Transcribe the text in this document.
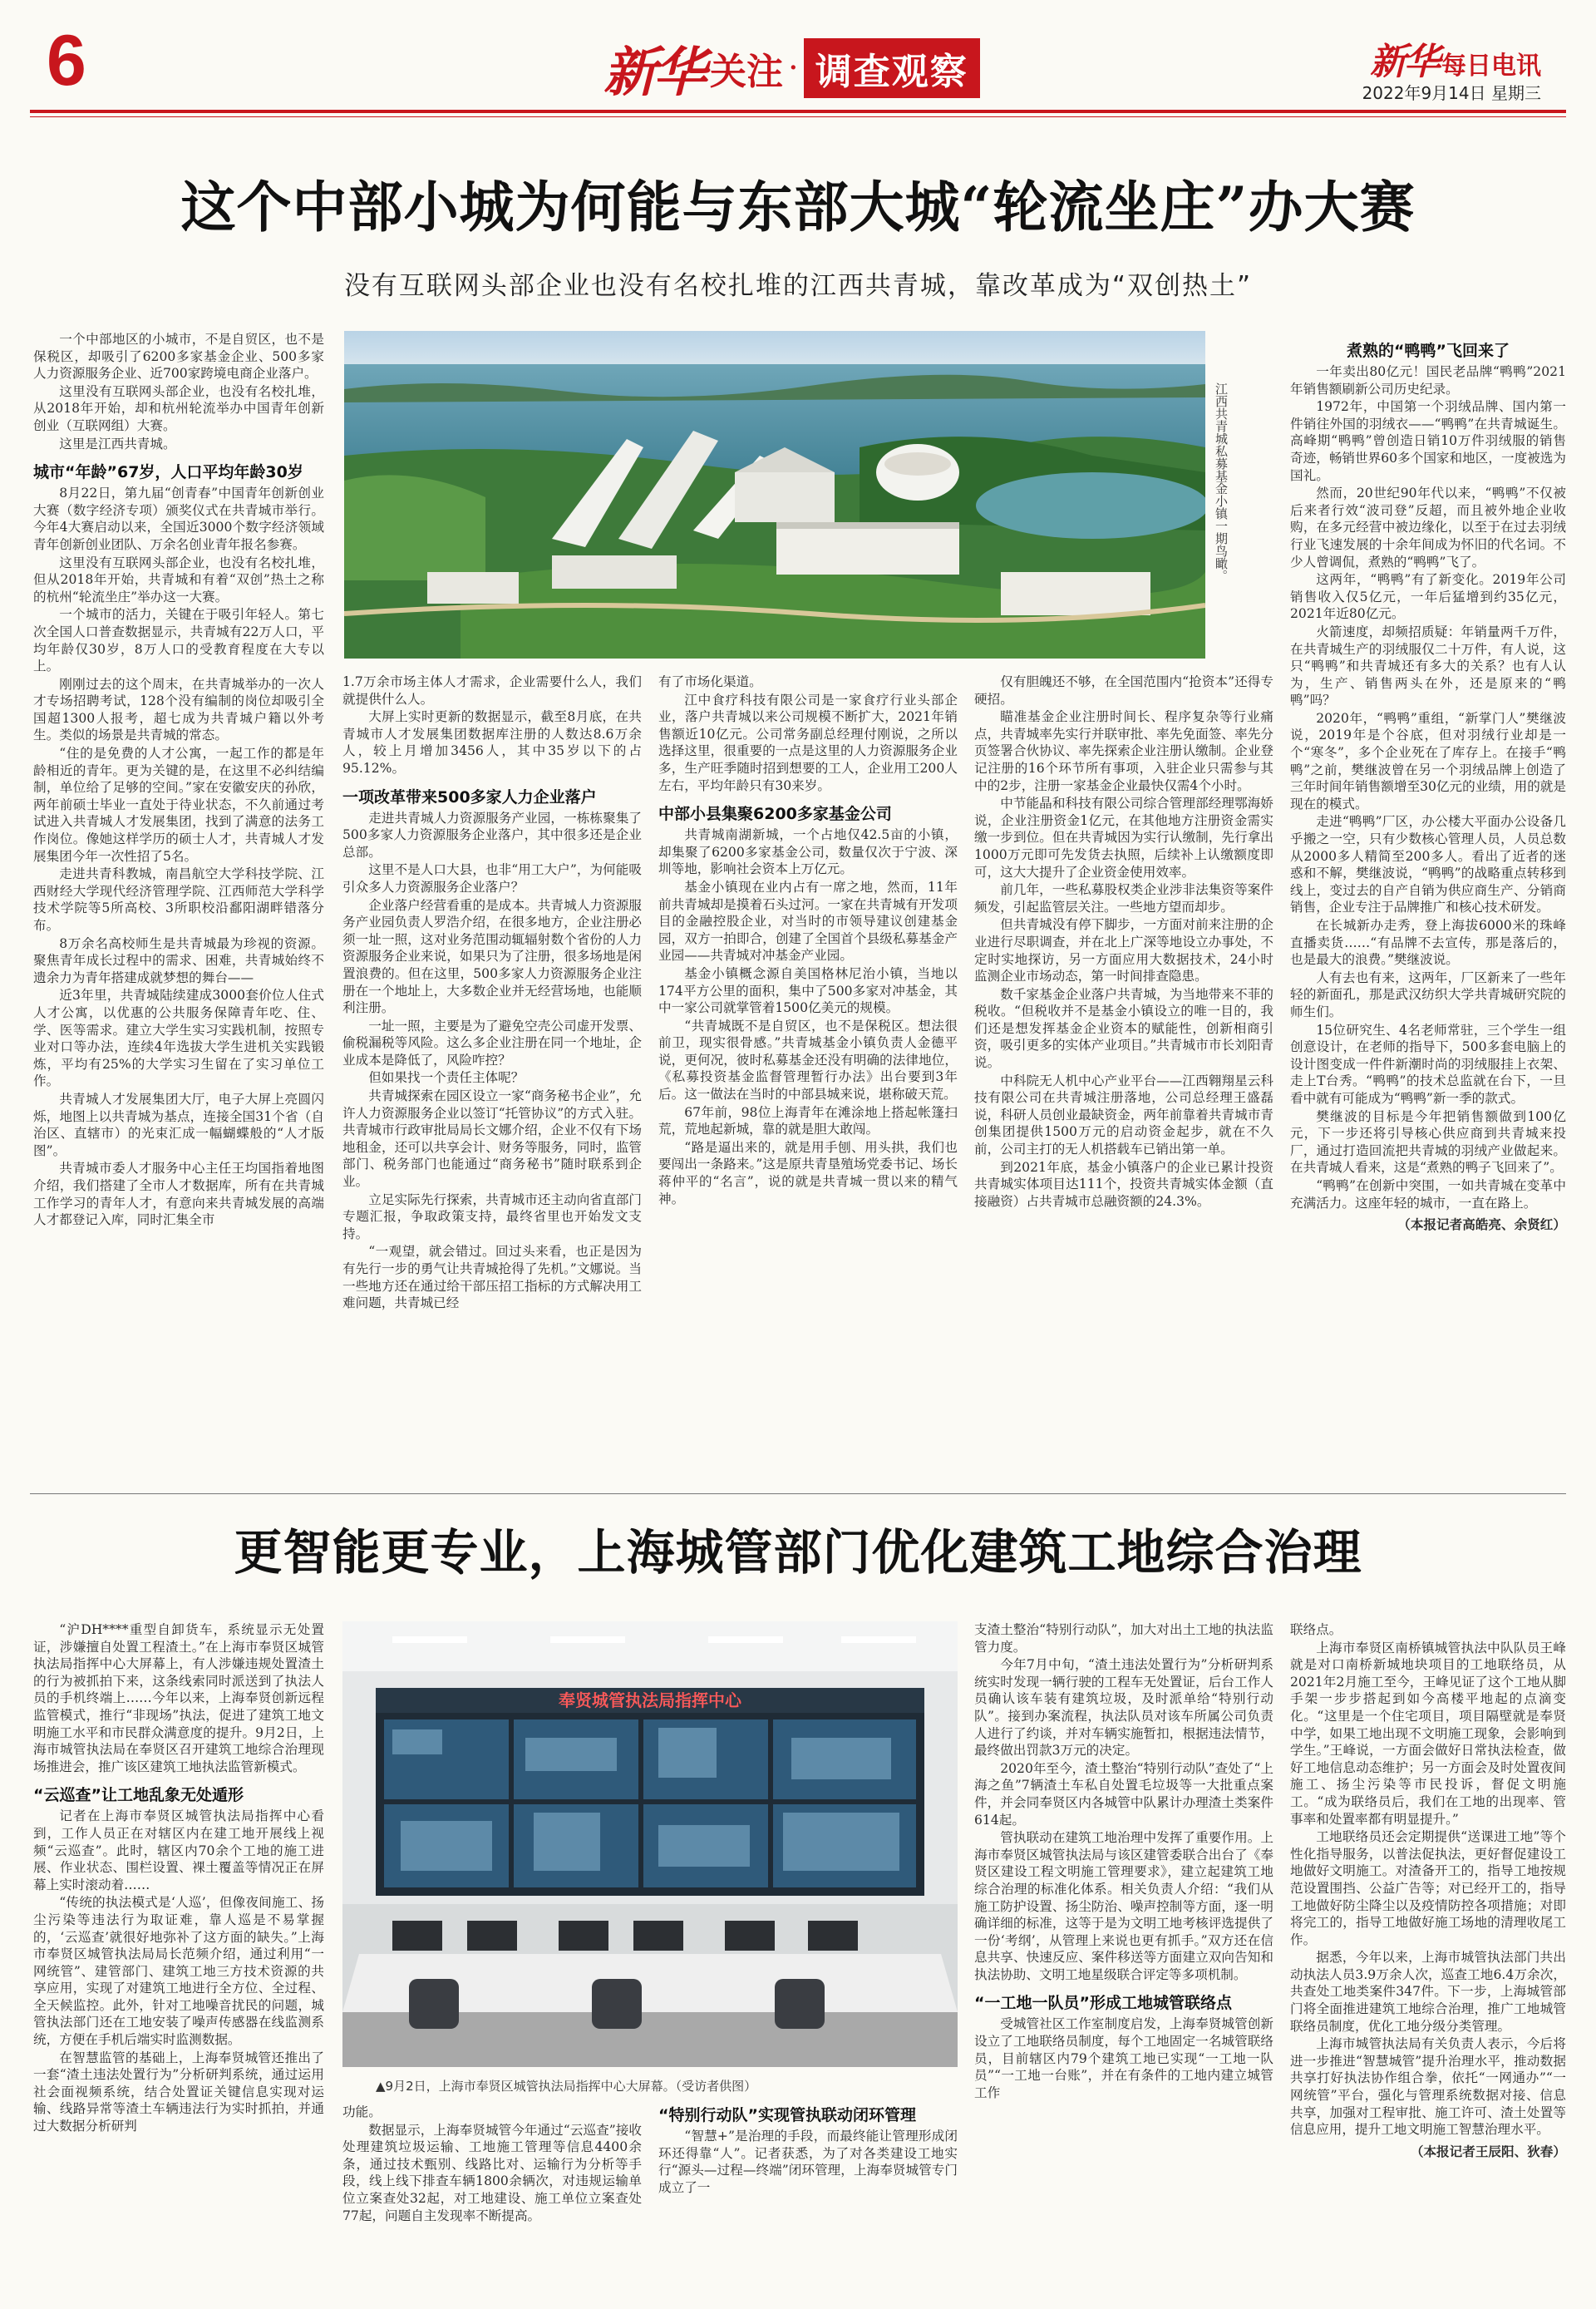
6	新华 关注 · 调查观察	新华 每日电讯
2022年9月14日 星期三
这个中部小城为何能与东部大城“轮流坐庄”办大赛
没有互联网头部企业也没有名校扎堆的江西共青城，靠改革成为“双创热土”
江西共青城私募基金小镇一期鸟瞰。

一个中部地区的小城市，不是自贸区，也不是保税区，却吸引了6200多家基金企业、500多家人力资源服务企业、近700家跨境电商企业落户。

这里没有互联网头部企业，也没有名校扎堆，从2018年开始，却和杭州轮流举办中国青年创新创业（互联网组）大赛。

这里是江西共青城。

城市“年龄”67岁，人口平均年龄30岁

8月22日，第九届“创青春”中国青年创新创业大赛（数字经济专项）颁奖仪式在共青城市举行。今年4大赛启动以来，全国近3000个数字经济领域青年创新创业团队、万余名创业青年报名参赛。

这里没有互联网头部企业，也没有名校扎堆，但从2018年开始，共青城和有着“双创”热土之称的杭州“轮流坐庄”举办这一大赛。

一个城市的活力，关键在于吸引年轻人。第七次全国人口普查数据显示，共青城有22万人口，平均年龄仅30岁，8万人口的受教育程度在大专以上。

刚刚过去的这个周末，在共青城举办的一次人才专场招聘考试，128个没有编制的岗位却吸引全国超1300人报考，超七成为共青城户籍以外考生。类似的场景是共青城的常态。

“住的是免费的人才公寓，一起工作的都是年龄相近的青年。更为关键的是，在这里不必纠结编制，单位给了足够的空间。”家在安徽安庆的孙欣，两年前硕士毕业一直处于待业状态，不久前通过考试进入共青城人才发展集团，找到了满意的法务工作岗位。像她这样学历的硕士人才，共青城人才发展集团今年一次性招了5名。

走进共青科教城，南昌航空大学科技学院、江西财经大学现代经济管理学院、江西师范大学科学技术学院等5所高校、3所职校沿鄱阳湖畔错落分布。

8万余名高校师生是共青城最为珍视的资源。聚焦青年成长过程中的需求、困难，共青城始终不遗余力为青年搭建成就梦想的舞台——

近3年里，共青城陆续建成3000套价位人住式人才公寓，以优惠的公共服务保障青年吃、住、学、医等需求。建立大学生实习实践机制，按照专业对口等办法，连续4年选拔大学生进机关实践锻炼，平均有25%的大学实习生留在了实习单位工作。

共青城人才发展集团大厅，电子大屏上亮圆闪烁，地图上以共青城为基点，连接全国31个省（自治区、直辖市）的光束汇成一幅蝴蝶般的“人才版图”。

共青城市委人才服务中心主任王均国指着地图介绍，我们搭建了全市人才数据库，所有在共青城工作学习的青年人才，有意向来共青城发展的高端人才都登记入库，同时汇集全市

1.7万余市场主体人才需求，企业需要什么人，我们就提供什么人。

大屏上实时更新的数据显示，截至8月底，在共青城市人才发展集团数据库注册的人数达8.6万余人，较上月增加3456人，其中35岁以下的占95.12%。

一项改革带来500多家人力企业落户

走进共青城人力资源服务产业园，一栋栋聚集了500多家人力资源服务企业落户，其中很多还是企业总部。

这里不是人口大县，也非“用工大户”，为何能吸引众多人力资源服务企业落户？

企业落户经营看重的是成本。共青城人力资源服务产业园负责人罗浩介绍，在很多地方，企业注册必须一址一照，这对业务范围动辄辐射数个省份的人力资源服务企业来说，如果只为了注册，很多场地是闲置浪费的。但在这里，500多家人力资源服务企业注册在一个地址上，大多数企业并无经营场地，也能顺利注册。

一址一照，主要是为了避免空壳公司虚开发票、偷税漏税等风险。这么多企业注册在同一个地址，企业成本是降低了，风险咋控？

但如果找一个责任主体呢？

共青城探索在园区设立一家“商务秘书企业”，允许人力资源服务企业以签订“托管协议”的方式入驻。共青城市行政审批局局长文娜介绍，企业不仅有下场地租金，还可以共享会计、财务等服务，同时，监管部门、税务部门也能通过“商务秘书”随时联系到企业。

立足实际先行探索，共青城市还主动向省直部门专题汇报，争取政策支持，最终省里也开始发文支持。

“一观望，就会错过。回过头来看，也正是因为有先行一步的勇气让共青城抢得了先机。”文娜说。当一些地方还在通过给干部压招工指标的方式解决用工难问题，共青城已经

有了市场化渠道。

江中食疗科技有限公司是一家食疗行业头部企业，落户共青城以来公司规模不断扩大，2021年销售额近10亿元。公司常务副总经理付刚说，之所以选择这里，很重要的一点是这里的人力资源服务企业多，生产旺季随时招到想要的工人，企业用工200人左右，平均年龄只有30来岁。

中部小县集聚6200多家基金公司

共青城南湖新城，一个占地仅42.5亩的小镇，却集聚了6200多家基金公司，数量仅次于宁波、深圳等地，影响社会资本上万亿元。

基金小镇现在业内占有一席之地，然而，11年前共青城却是摸着石头过河。一家在共青城有开发项目的金融控股企业，对当时的市领导建议创建基金园，双方一拍即合，创建了全国首个县级私募基金产业园——共青城对冲基金产业园。

基金小镇概念源自美国格林尼治小镇，当地以174平方公里的面积，集中了500多家对冲基金，其中一家公司就掌管着1500亿美元的规模。

“共青城既不是自贸区，也不是保税区。想法很前卫，现实很骨感。”共青城基金小镇负责人金德平说，更何况，彼时私募基金还没有明确的法律地位，《私募投资基金监督管理暂行办法》出台要到3年后。这一做法在当时的中部县城来说，堪称破天荒。

67年前，98位上海青年在滩涂地上搭起帐篷扫荒，荒地起新城，靠的就是胆大敢闯。

“路是逼出来的，就是用手刨、用头拱，我们也要闯出一条路来。”这是原共青垦殖场党委书记、场长蒋仲平的“名言”，说的就是共青城一贯以来的精气神。

仅有胆魄还不够，在全国范围内“抢资本”还得专硬招。

瞄准基金企业注册时间长、程序复杂等行业痛点，共青城率先实行并联审批、率先免面签、率先分页签署合伙协议、率先探索企业注册认缴制。企业登记注册的16个环节所有事项，入驻企业只需参与其中的2步，注册一家基金企业最快仅需4个小时。

中节能晶和科技有限公司综合管理部经理鄂海娇说，企业注册资金1亿元，在其他地方注册资金需实缴一步到位。但在共青城因为实行认缴制，先行拿出1000万元即可先发货去执照，后续补上认缴额度即可，这大大提升了企业资金使用效率。

前几年，一些私募股权类企业涉非法集资等案件频发，引起监管层关注。一些地方望而却步。

但共青城没有停下脚步，一方面对前来注册的企业进行尽职调查，并在北上广深等地设立办事处，不定时实地探访，另一方面应用大数据技术，24小时监测企业市场动态，第一时间排查隐患。

数千家基金企业落户共青城，为当地带来不菲的税收。“但税收并不是基金小镇设立的唯一目的，我们还是想发挥基金企业资本的赋能性，创新相商引资，吸引更多的实体产业项目。”共青城市市长刘阳青说。

中科院无人机中心产业平台——江西翱翔星云科技有限公司在共青城注册落地，公司总经理王盛磊说，科研人员创业最缺资金，两年前靠着共青城市青创集团提供1500万元的启动资金起步，就在不久前，公司主打的无人机搭载车已销出第一单。

到2021年底，基金小镇落户的企业已累计投资共青城实体项目达111个，投资共青城实体金额（直接融资）占共青城市总融资额的24.3%。

煮熟的“鸭鸭”飞回来了

一年卖出80亿元！国民老品牌“鸭鸭”2021年销售额刷新公司历史纪录。

1972年，中国第一个羽绒品牌、国内第一件销往外国的羽绒衣——“鸭鸭”在共青城诞生。高峰期“鸭鸭”曾创造日销10万件羽绒服的销售奇迹，畅销世界60多个国家和地区，一度被选为国礼。

然而，20世纪90年代以来，“鸭鸭”不仅被后来者行效“波司登”反超，而且被外地企业收购，在多元经营中被边缘化，以至于在过去羽绒行业飞速发展的十余年间成为怀旧的代名词。不少人曾调侃，煮熟的“鸭鸭”飞了。

这两年，“鸭鸭”有了新变化。2019年公司销售收入仅5亿元，一年后猛增到约35亿元，2021年近80亿元。

火箭速度，却频招质疑：年销量两千万件，在共青城生产的羽绒服仅二十万件，有人说，这只“鸭鸭”和共青城还有多大的关系？也有人认为，生产、销售两头在外，还是原来的“鸭鸭”吗？

2020年，“鸭鸭”重组，“新掌门人”樊继波说，2019年是个谷底，但对羽绒行业却是一个“寒冬”，多个企业死在了库存上。在接手“鸭鸭”之前，樊继波曾在另一个羽绒品牌上创造了三年时间年销售额增至30亿元的业绩，用的就是现在的模式。

走进“鸭鸭”厂区，办公楼大平面办公设备几乎搬之一空，只有少数核心管理人员，人员总数从2000多人精简至200多人。看出了近者的迷惑和不解，樊继波说，“鸭鸭”的战略重点转移到线上，变过去的自产自销为供应商生产、分销商销售，企业专注于品牌推广和核心技术研发。

在长城新办走秀，登上海拔6000米的珠峰直播卖货……“有品牌不去宣传，那是落后的，也是最大的浪费。”樊继波说。

人有去也有来，这两年，厂区新来了一些年轻的新面孔，那是武汉纺织大学共青城研究院的师生们。

15位研究生、4名老师常驻，三个学生一组创意设计，在老师的指导下，500多套电脑上的设计图变成一件件新潮时尚的羽绒服挂上衣架、走上T台秀。“鸭鸭”的技术总监就在台下，一旦看中就有可能成为“鸭鸭”新一季的款式。

樊继波的目标是今年把销售额做到100亿元，下一步还将引导核心供应商到共青城来投厂，通过打造回流把共青城的羽绒产业做起来。在共青城人看来，这是“煮熟的鸭子飞回来了”。

“鸭鸭”在创新中突围，一如共青城在变革中充满活力。这座年轻的城市，一直在路上。

（本报记者高皓亮、余贤红）

更智能更专业，上海城管部门优化建筑工地综合治理
奉贤城管执法局指挥中心
▲9月2日，上海市奉贤区城管执法局指挥中心大屏幕。（受访者供图）

“沪DH****重型自卸货车，系统显示无处置证，涉嫌擅自处置工程渣土。”在上海市奉贤区城管执法局指挥中心大屏幕上，有人涉嫌违规处置渣土的行为被抓拍下来，这条线索同时派送到了执法人员的手机终端上……今年以来，上海奉贤创新远程监管模式，推行“非现场”执法，促进了建筑工地文明施工水平和市民群众满意度的提升。9月2日，上海市城管执法局在奉贤区召开建筑工地综合治理现场推进会，推广该区建筑工地执法监管新模式。

“云巡查”让工地乱象无处遁形

记者在上海市奉贤区城管执法局指挥中心看到，工作人员正在对辖区内在建工地开展线上视频“云巡查”。此时，辖区内70余个工地的施工进展、作业状态、围栏设置、裸土覆盖等情况正在屏幕上实时滚动着……

“传统的执法模式是‘人巡’，但像夜间施工、扬尘污染等违法行为取证难，靠人巡是不易掌握的，‘云巡查’就很好地弥补了这方面的缺失。”上海市奉贤区城管执法局局长范频介绍，通过利用“一网统管”、建管部门、建筑工地三方技术资源的共享应用，实现了对建筑工地进行全方位、全过程、全天候监控。此外，针对工地噪音扰民的问题，城管执法部门还在工地安装了噪声传感器在线监测系统，方便在手机后端实时监测数据。

在智慧监管的基础上，上海奉贤城管还推出了一套“渣土违法处置行为”分析研判系统，通过运用社会面视频系统，结合处置证关键信息实现对运输、线路异常等渣土车辆违法行为实时抓拍，并通过大数据分析研判

功能。

数据显示，上海奉贤城管今年通过“云巡查”接收处理建筑垃圾运输、工地施工管理等信息4400余条，通过技术甄别、线路比对、运输行为分析等手段，线上线下排查车辆1800余辆次，对违规运输单位立案查处32起，对工地建设、施工单位立案查处77起，问题自主发现率不断提高。

“特别行动队”实现管执联动闭环管理

“智慧+”是治理的手段，而最终能让管理形成闭环还得靠“人”。记者获悉，为了对各类建设工地实行“源头—过程—终端”闭环管理，上海奉贤城管专门成立了一

支渣土整治“特别行动队”，加大对出土工地的执法监管力度。

今年7月中旬，“渣土违法处置行为”分析研判系统实时发现一辆行驶的工程车无处置证，后台工作人员确认该车装有建筑垃圾，及时派单给“特别行动队”。接到办案流程，执法队员对该车所属公司负责人进行了约谈，并对车辆实施暂扣，根据违法情节，最终做出罚款3万元的决定。

2020年至今，渣土整治“特别行动队”查处了“上海之鱼”7辆渣土车私自处置毛垃圾等一大批重点案件，并会同奉贤区内各城管中队累计办理渣土类案件614起。

管执联动在建筑工地治理中发挥了重要作用。上海市奉贤区城管执法局与该区建管委联合出台了《奉贤区建设工程文明施工管理要求》，建立起建筑工地综合治理的标准化体系。相关负责人介绍：“我们从施工防护设置、扬尘防治、噪声控制等方面，逐一明确详细的标准，这等于是为文明工地考核评选提供了一份‘考纲’，从管理上来说也更有抓手。”双方还在信息共享、快速反应、案件移送等方面建立双向告知和执法协助、文明工地星级联合评定等多项机制。

“一工地一队员”形成工地城管联络点

受城管社区工作室制度启发，上海奉贤城管创新设立了工地联络员制度，每个工地固定一名城管联络员，目前辖区内79个建筑工地已实现“一工地一队员”“一工地一台账”，并在有条件的工地内建立城管工作

联络点。

上海市奉贤区南桥镇城管执法中队队员王峰就是对口南桥新城地块项目的工地联络员，从2021年2月施工至今，王峰见证了这个工地从脚手架一步步搭起到如今高楼平地起的点滴变化。“这里是一个住宅项目，项目隔壁就是奉贤中学，如果工地出现不文明施工现象，会影响到学生。”王峰说，一方面会做好日常执法检查，做好工地信息动态维护；另一方面会及时处置夜间施工、扬尘污染等市民投诉，督促文明施工。“成为联络员后，我们在工地的出现率、管事率和处置率都有明显提升。”

工地联络员还会定期提供“送课进工地”等个性化指导服务，以普法促执法，更好督促建设工地做好文明施工。对渣备开工的，指导工地按规范设置围挡、公益广告等；对已经开工的，指导工地做好防尘降尘以及疫情防控各项措施；对即将完工的，指导工地做好施工场地的清理收尾工作。

据悉，今年以来，上海市城管执法部门共出动执法人员3.9万余人次，巡查工地6.4万余次，共查处工地类案件347件。下一步，上海城管部门将全面推进建筑工地综合治理，推广工地城管联络员制度，优化工地分级分类管理。

上海市城管执法局有关负责人表示，今后将进一步推进“智慧城管”提升治理水平，推动数据共享打好执法协作组合拳，依托“一网通办”“一网统管”平台，强化与管理系统数据对接、信息共享，加强对工程审批、施工许可、渣土处置等信息应用，提升工地文明施工智慧治理水平。

（本报记者王辰阳、狄春）
